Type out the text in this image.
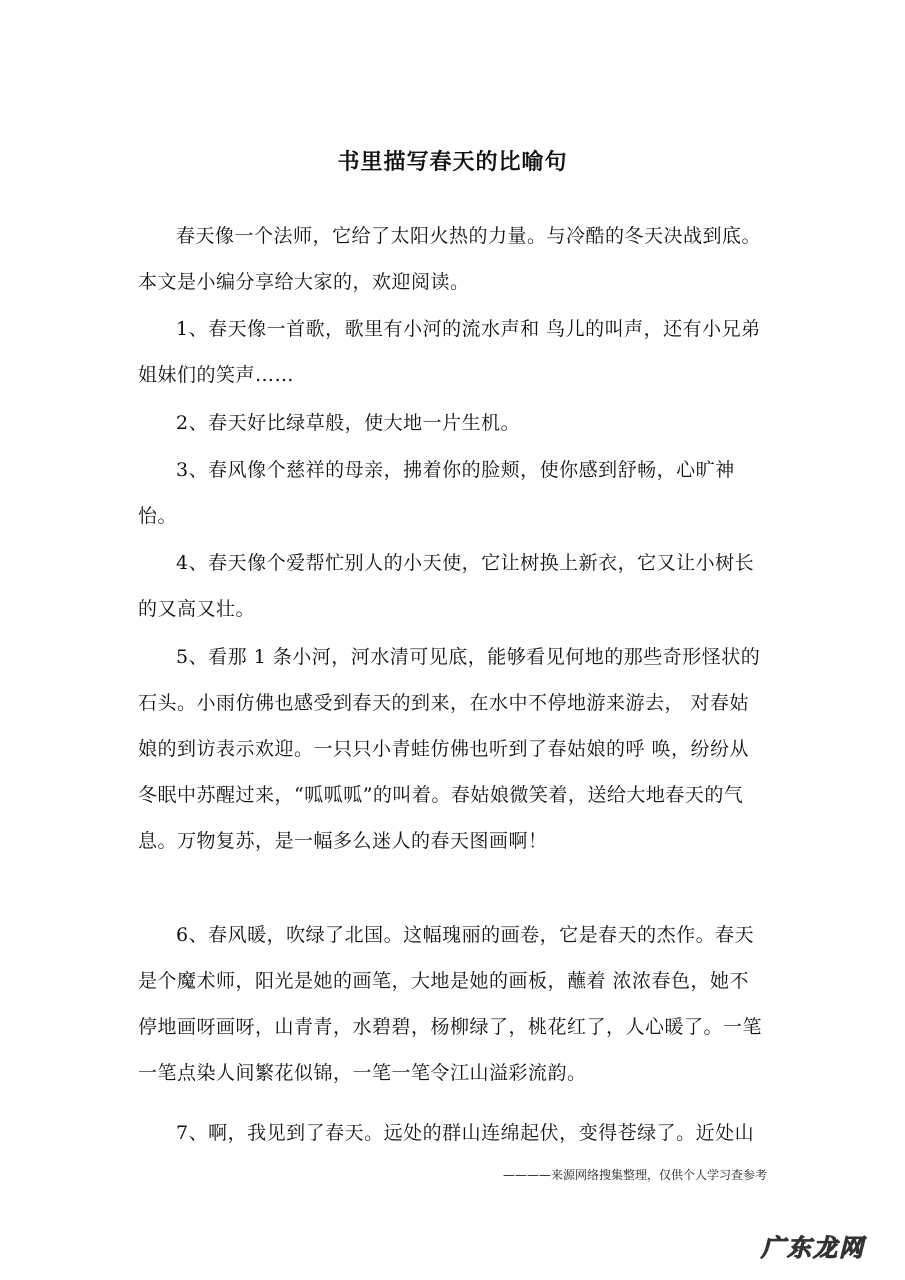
书里描写春天的比喻句
春天像一个法师，它给了太阳火热的力量。与冷酷的冬天决战到底。本文是小编分享给大家的，欢迎阅读。
1、春天像一首歌，歌里有小河的流水声和 鸟儿的叫声，还有小兄弟姐妹们的笑声……
2、春天好比绿草般，使大地一片生机。
3、春风像个慈祥的母亲，拂着你的脸颊，使你感到舒畅，心旷神怡。
4、春天像个爱帮忙别人的小天使，它让树换上新衣，它又让小树长的又高又壮。
5、看那 1 条小河，河水清可见底，能够看见何地的那些奇形怪状的石头。小雨仿佛也感受到春天的到来，在水中不停地游来游去， 对春姑娘的到访表示欢迎。一只只小青蛙仿佛也听到了春姑娘的呼 唤，纷纷从冬眠中苏醒过来，“呱呱呱”的叫着。春姑娘微笑着，送给大地春天的气息。万物复苏，是一幅多么迷人的春天图画啊！
6、春风暖，吹绿了北国。这幅瑰丽的画卷，它是春天的杰作。春天是个魔术师，阳光是她的画笔，大地是她的画板，蘸着 浓浓春色，她不停地画呀画呀，山青青，水碧碧，杨柳绿了，桃花红了，人心暖了。一笔一笔点染人间繁花似锦，一笔一笔令江山溢彩流韵。
7、啊，我见到了春天。远处的群山连绵起伏，变得苍绿了。近处山
————来源网络搜集整理，仅供个人学习查参考
广东龙网
